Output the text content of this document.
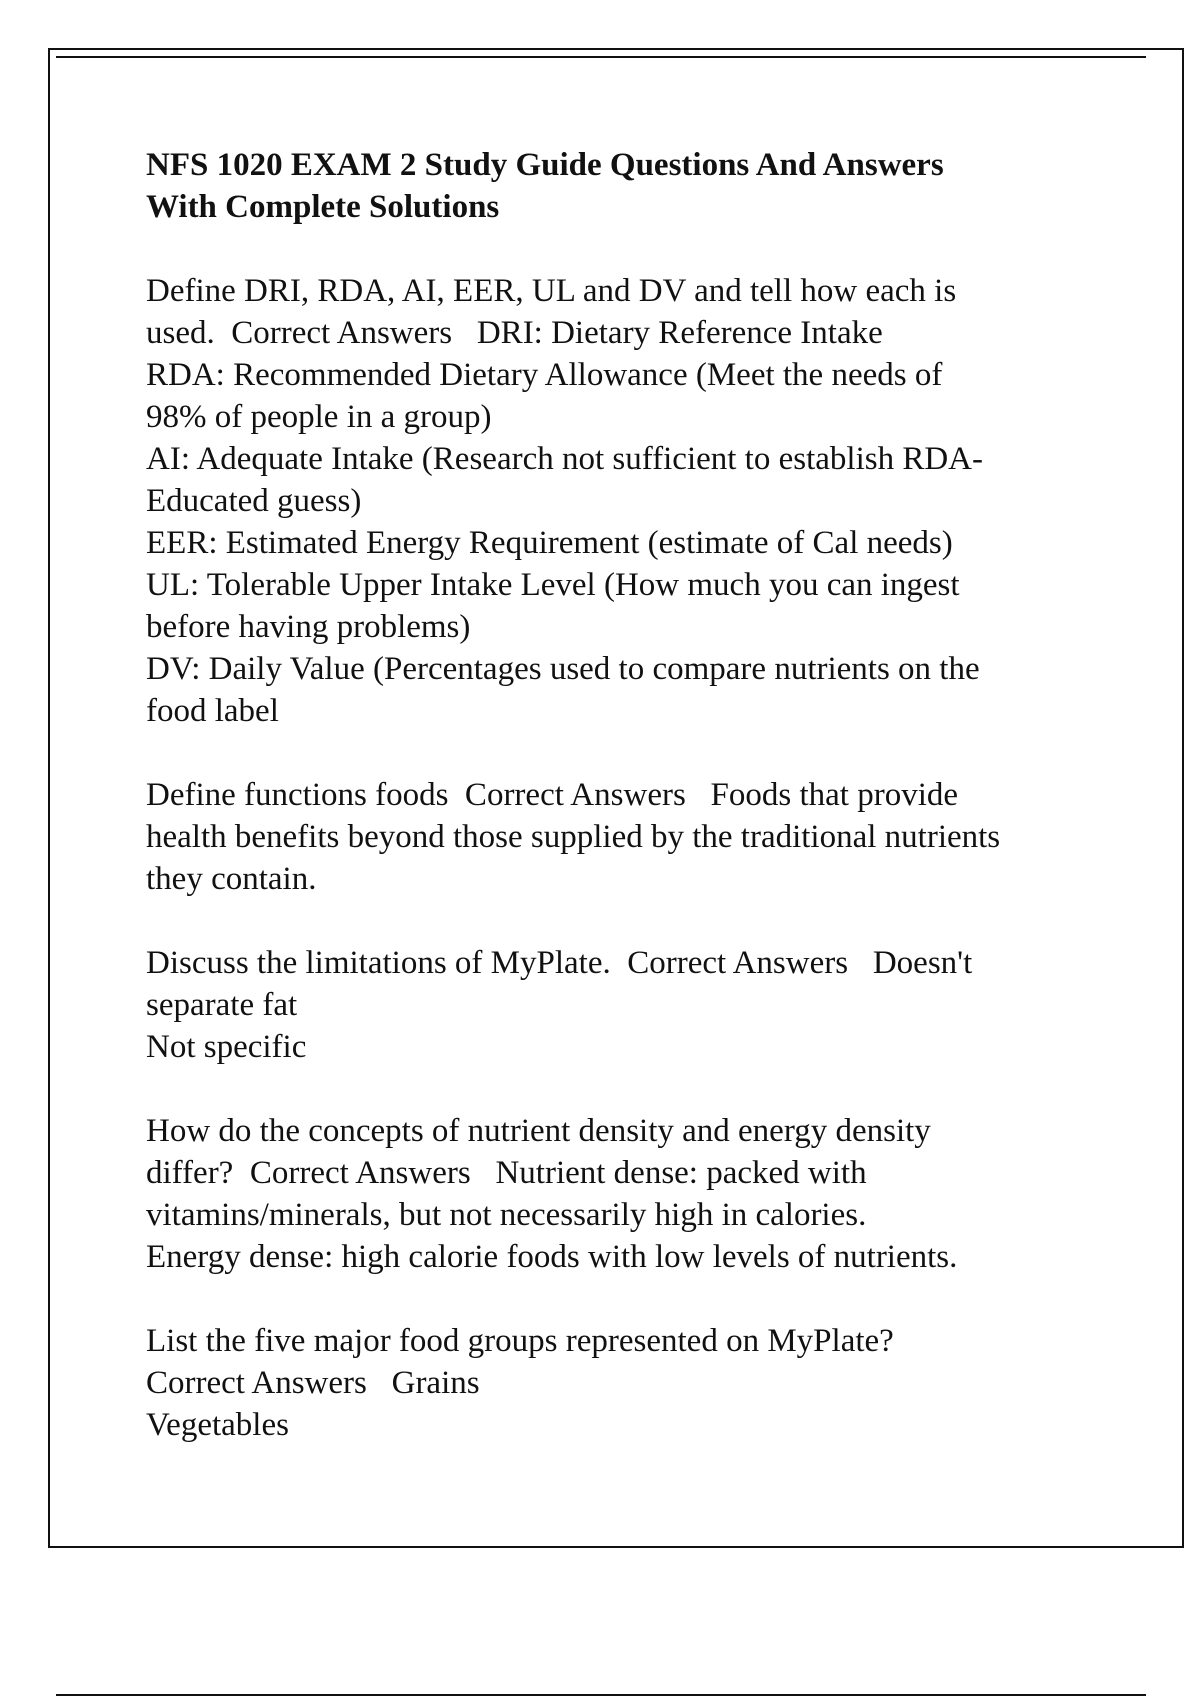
NFS 1020 EXAM 2 Study Guide Questions And Answers
With Complete Solutions
Define DRI, RDA, AI, EER, UL and DV and tell how each is
used.  Correct Answers   DRI: Dietary Reference Intake
RDA: Recommended Dietary Allowance (Meet the needs of
98% of people in a group)
AI: Adequate Intake (Research not sufficient to establish RDA-
Educated guess)
EER: Estimated Energy Requirement (estimate of Cal needs)
UL: Tolerable Upper Intake Level (How much you can ingest
before having problems)
DV: Daily Value (Percentages used to compare nutrients on the
food label
Define functions foods  Correct Answers   Foods that provide
health benefits beyond those supplied by the traditional nutrients
they contain.
Discuss the limitations of MyPlate.  Correct Answers   Doesn't
separate fat
Not specific
How do the concepts of nutrient density and energy density
differ?  Correct Answers   Nutrient dense: packed with
vitamins/minerals, but not necessarily high in calories.
Energy dense: high calorie foods with low levels of nutrients.
List the five major food groups represented on MyPlate?
Correct Answers   Grains
Vegetables
